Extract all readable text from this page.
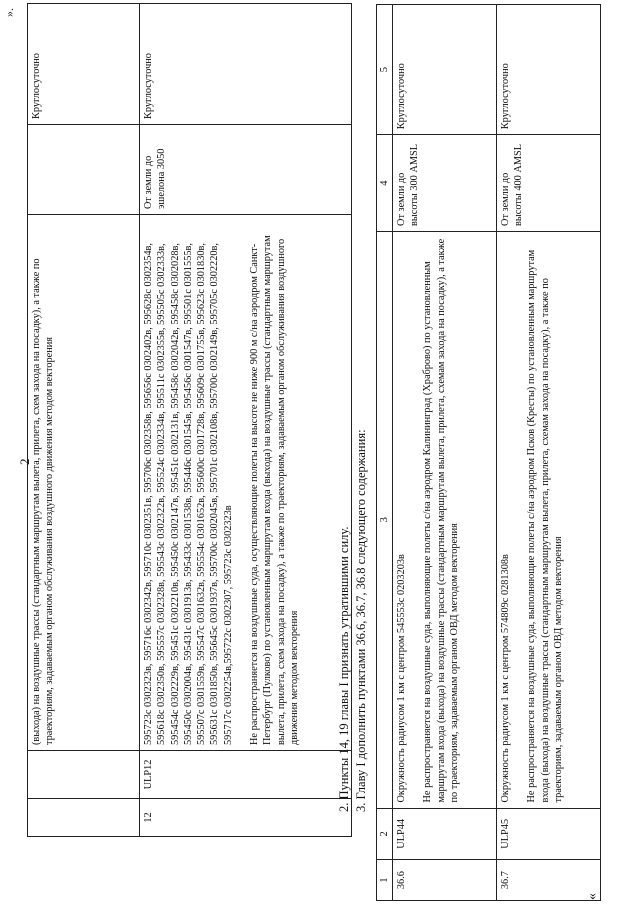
2
«
».
		(выхода) на воздушные трассы (стандартным маршрутам вылета, прилета, схем захода на посадку), а также по траекториям, задаваемым органом обслуживания воздушного движения методом векторения		Круглосуточно
12	ULP12	595723с 0302323в, 595716с 0302342в, 595710с 0302351в, 595706с 0302358в, 595656с 0302402в, 595628с 0302354в, 595618с 0302350в, 595557с 0302328в, 595543с 0302322в, 595524с 0302334в, 595511с 0302355в, 595505с 0302333в, 595454с 0302229в, 595451с 0302210в, 595450с 0302147в, 595451с 0302131в, 595458с 0302042в, 595458с 0302028в, 595450с 0302004в, 595431с 0301913в, 595433с 0301538в, 595446с 0301545в, 595456с 0301547в, 595501с 0301555в, 595507с 0301559в, 595547с 0301632в, 595554с 0301652в, 595600с 0301728в, 595609с 0301755в, 595623с 0301830в, 595631с 0301850в, 595645с 0301937в, 595700с 0302045в, 595701с 0302108в, 595700с 0302149в, 595705с 0302220в, 595717с 0302254в,595722с 0302307, 595723с 0302323в Не распространяется на воздушные суда, осуществляющие полеты на высоте не ниже 900 м с/на аэродром Санкт-Петербург (Пулково) по установленным маршрутам входа (выхода) на воздушные трассы (стандартным маршрутам вылета, прилета, схем захода на посадку), а также по траекториям, задаваемым органом обслуживания воздушного движения методом векторения	От земли до эшелона 3050	Круглосуточно
2. Пункты 14, 19 главы I признать утратившими силу. 3. Главу I дополнить пунктами 36.6, 36.7, 36.8 следующего содержания:
1	2	3	4	5
36.6	ULP44	Окружность радиусом 1 км с центром 545553с 0203203в Не распространяется на воздушные суда, выполняющие полеты с/на аэродром Калининград (Храброво) по установленным маршрутам входа (выхода) на воздушные трассы (стандартным маршрутам вылета, прилета, схемам захода на посадку), а также по траекториям, задаваемым органом ОВД методом векторения	От земли до высоты 300 AMSL	Круглосуточно
36.7	ULP45	Окружность радиусом 1 км с центром 574809с 0281308в Не распространяется на воздушные суда, выполняющие полеты с/на аэродром Псков (Кресты) по установленным маршрутам входа (выхода) на воздушные трассы (стандартным маршрутам вылета, прилета, схемам захода на посадку), а также по траекториям, задаваемым органом ОВД методом векторения	От земли до высоты 400 AMSL	Круглосуточно
